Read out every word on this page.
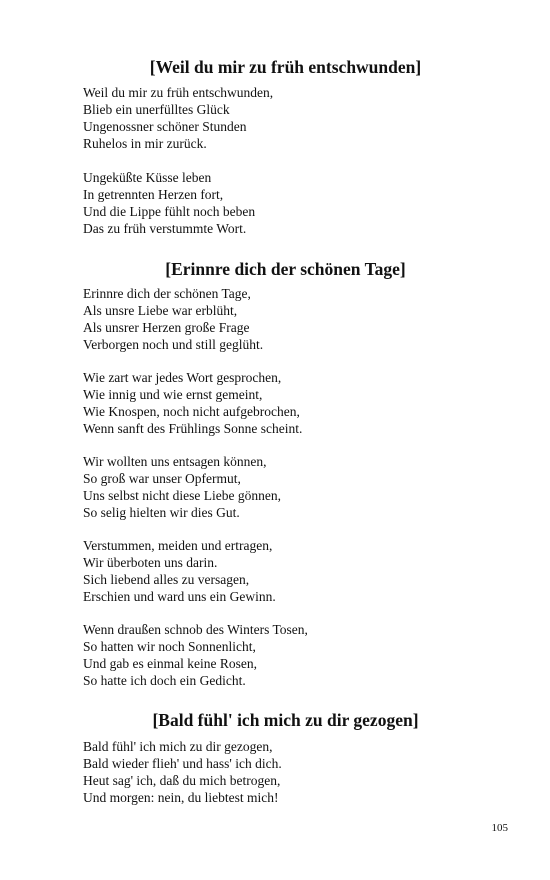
[Weil du mir zu früh entschwunden]
Weil du mir zu früh entschwunden,
Blieb ein unerfülltes Glück
Ungenossner schöner Stunden
Ruhelos in mir zurück.
Ungeküßte Küsse leben
In getrennten Herzen fort,
Und die Lippe fühlt noch beben
Das zu früh verstummte Wort.
[Erinnre dich der schönen Tage]
Erinnre dich der schönen Tage,
Als unsre Liebe war erblüht,
Als unsrer Herzen große Frage
Verborgen noch und still geglüht.
Wie zart war jedes Wort gesprochen,
Wie innig und wie ernst gemeint,
Wie Knospen, noch nicht aufgebrochen,
Wenn sanft des Frühlings Sonne scheint.
Wir wollten uns entsagen können,
So groß war unser Opfermut,
Uns selbst nicht diese Liebe gönnen,
So selig hielten wir dies Gut.
Verstummen, meiden und ertragen,
Wir überboten uns darin.
Sich liebend alles zu versagen,
Erschien und ward uns ein Gewinn.
Wenn draußen schnob des Winters Tosen,
So hatten wir noch Sonnenlicht,
Und gab es einmal keine Rosen,
So hatte ich doch ein Gedicht.
[Bald fühl' ich mich zu dir gezogen]
Bald fühl' ich mich zu dir gezogen,
Bald wieder flieh' und hass' ich dich.
Heut sag' ich, daß du mich betrogen,
Und morgen: nein, du liebtest mich!
105
